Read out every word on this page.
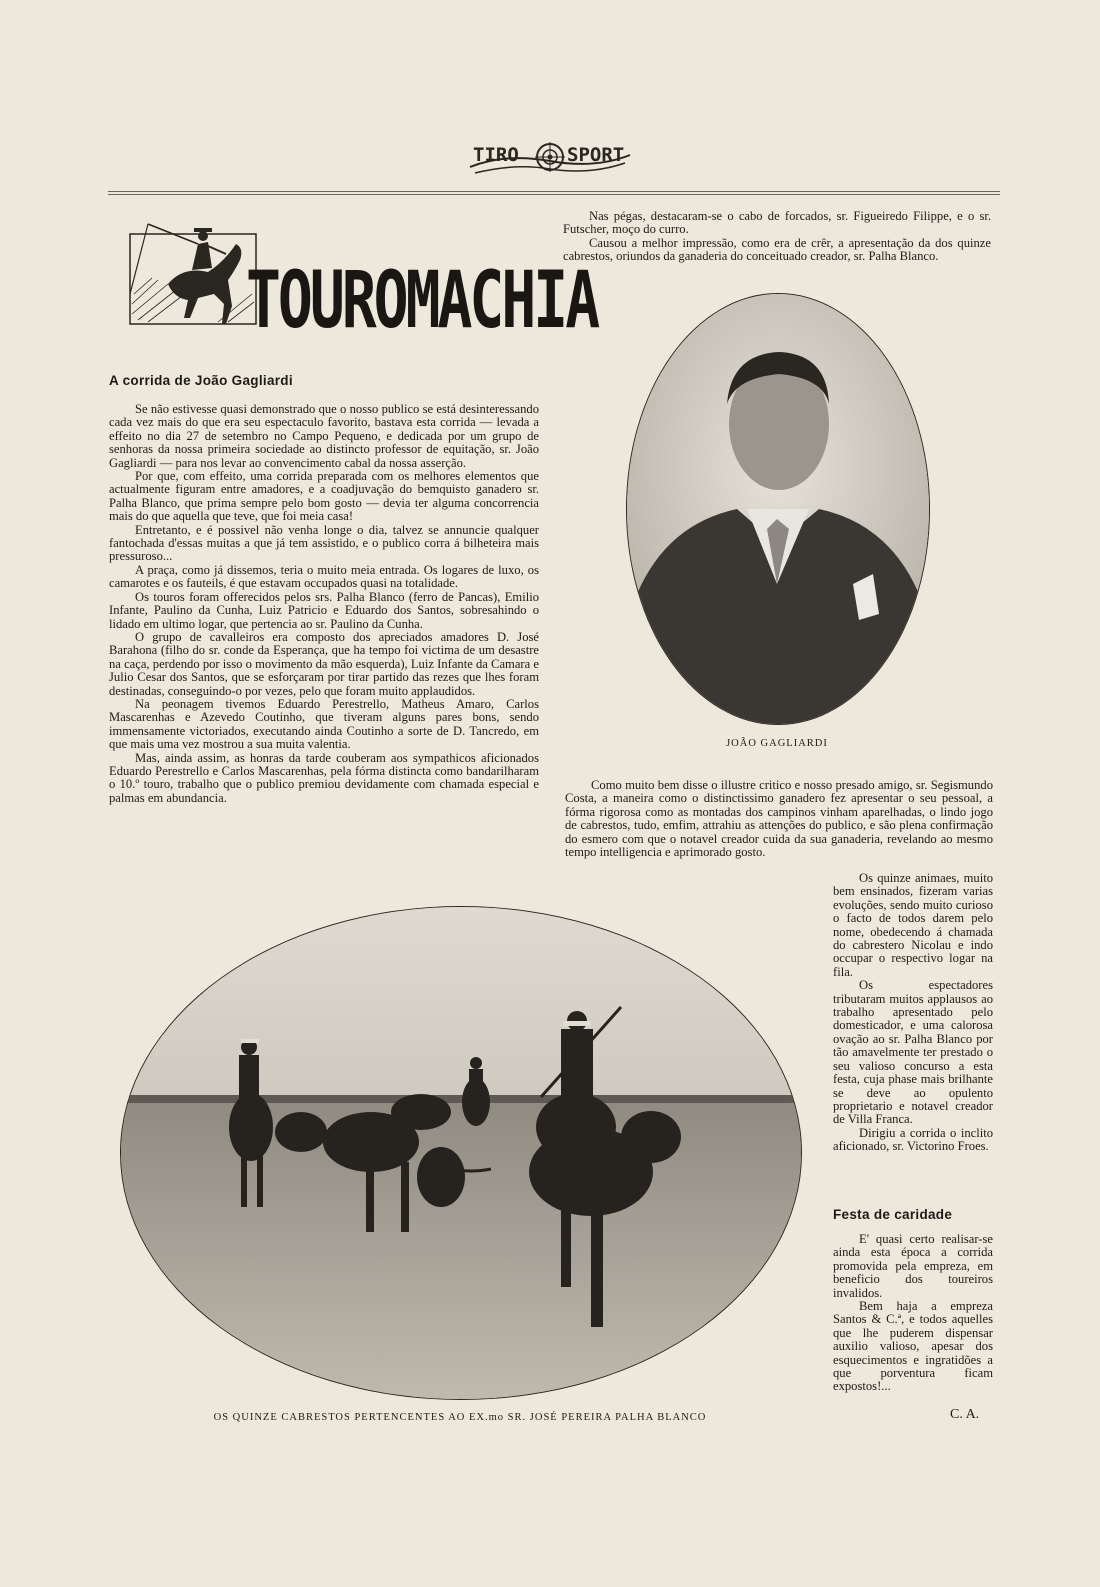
TIRO	SPORT
TOUROMACHIA

Nas pégas, destacaram-se o cabo de forcados, sr. Figueiredo Filippe, e o sr. Futscher, moço do curro.

Causou a melhor impressão, como era de crêr, a apresentação da dos quinze cabrestos, oriundos da ganaderia do conceituado creador, sr. Palha Blanco.

A corrida de João Gagliardi

Se não estivesse quasi demonstrado que o nosso publico se está desinteressando cada vez mais do que era seu espectaculo favorito, bastava esta corrida — levada a effeito no dia 27 de setembro no Campo Pequeno, e dedicada por um grupo de senhoras da nossa primeira sociedade ao distincto professor de equitação, sr. João Gagliardi — para nos levar ao convencimento cabal da nossa asserção.

Por que, com effeito, uma corrida preparada com os melhores elementos que actualmente figuram entre amadores, e a coadjuvação do bemquisto ganadero sr. Palha Blanco, que prima sempre pelo bom gosto — devia ter alguma concorrencia mais do que aquella que teve, que foi meia casa!

Entretanto, e é possivel não venha longe o dia, talvez se annuncie qualquer fantochada d'essas muitas a que já tem assistido, e o publico corra á bilheteira mais pressuroso...

A praça, como já dissemos, teria o muito meia entrada. Os logares de luxo, os camarotes e os fauteils, é que estavam occupados quasi na totalidade.

Os touros foram offerecidos pelos srs. Palha Blanco (ferro de Pancas), Emilio Infante, Paulino da Cunha, Luiz Patricio e Eduardo dos Santos, sobresahindo o lidado em ultimo logar, que pertencia ao sr. Paulino da Cunha.

O grupo de cavalleiros era composto dos apreciados amadores D. José Barahona (filho do sr. conde da Esperança, que ha tempo foi victima de um desastre na caça, perdendo por isso o movimento da mão esquerda), Luiz Infante da Camara e Julio Cesar dos Santos, que se esforçaram por tirar partido das rezes que lhes foram destinadas, conseguindo-o por vezes, pelo que foram muito applaudidos.

Na peonagem tivemos Eduardo Perestrello, Matheus Amaro, Carlos Mascarenhas e Azevedo Coutinho, que tiveram alguns pares bons, sendo immensamente victoriados, executando ainda Coutinho a sorte de D. Tancredo, em que mais uma vez mostrou a sua muita valentia.

Mas, ainda assim, as honras da tarde couberam aos sympathicos aficionados Eduardo Perestrello e Carlos Mascarenhas, pela fórma distincta como bandarilharam o 10.º touro, trabalho que o publico premiou devidamente com chamada especial e palmas em abundancia.

JOÃO GAGLIARDI

Como muito bem disse o illustre critico e nosso presado amigo, sr. Segismundo Costa, a maneira como o distinctissimo ganadero fez apresentar o seu pessoal, a fórma rigorosa como as montadas dos campinos vinham aparelhadas, o lindo jogo de cabrestos, tudo, emfim, attrahiu as attenções do publico, e são plena confirmação do esmero com que o notavel creador cuida da sua ganaderia, revelando ao mesmo tempo intelligencia e aprimorado gosto.

Os quinze animaes, muito bem ensinados, fizeram varias evoluções, sendo muito curioso o facto de todos darem pelo nome, obedecendo á chamada do cabrestero Nicolau e indo occupar o respectivo logar na fila.

Os espectadores tributaram muitos applausos ao trabalho apresentado pelo domesticador, e uma calorosa ovação ao sr. Palha Blanco por tão amavelmente ter prestado o seu valioso concurso a esta festa, cuja phase mais brilhante se deve ao opulento proprietario e notavel creador de Villa Franca.

Dirigiu a corrida o inclito aficionado, sr. Victorino Froes.

Festa de caridade

E' quasi certo realisar-se ainda esta época a corrida promovida pela empreza, em beneficio dos toureiros invalidos.

Bem haja a empreza Santos & C.ª, e todos aquelles que lhe puderem dispensar auxilio valioso, apesar dos esquecimentos e ingratidões a que porventura ficam expostos!...

C. A.
OS QUINZE CABRESTOS PERTENCENTES AO EX.mo SR. JOSÉ PEREIRA PALHA BLANCO
